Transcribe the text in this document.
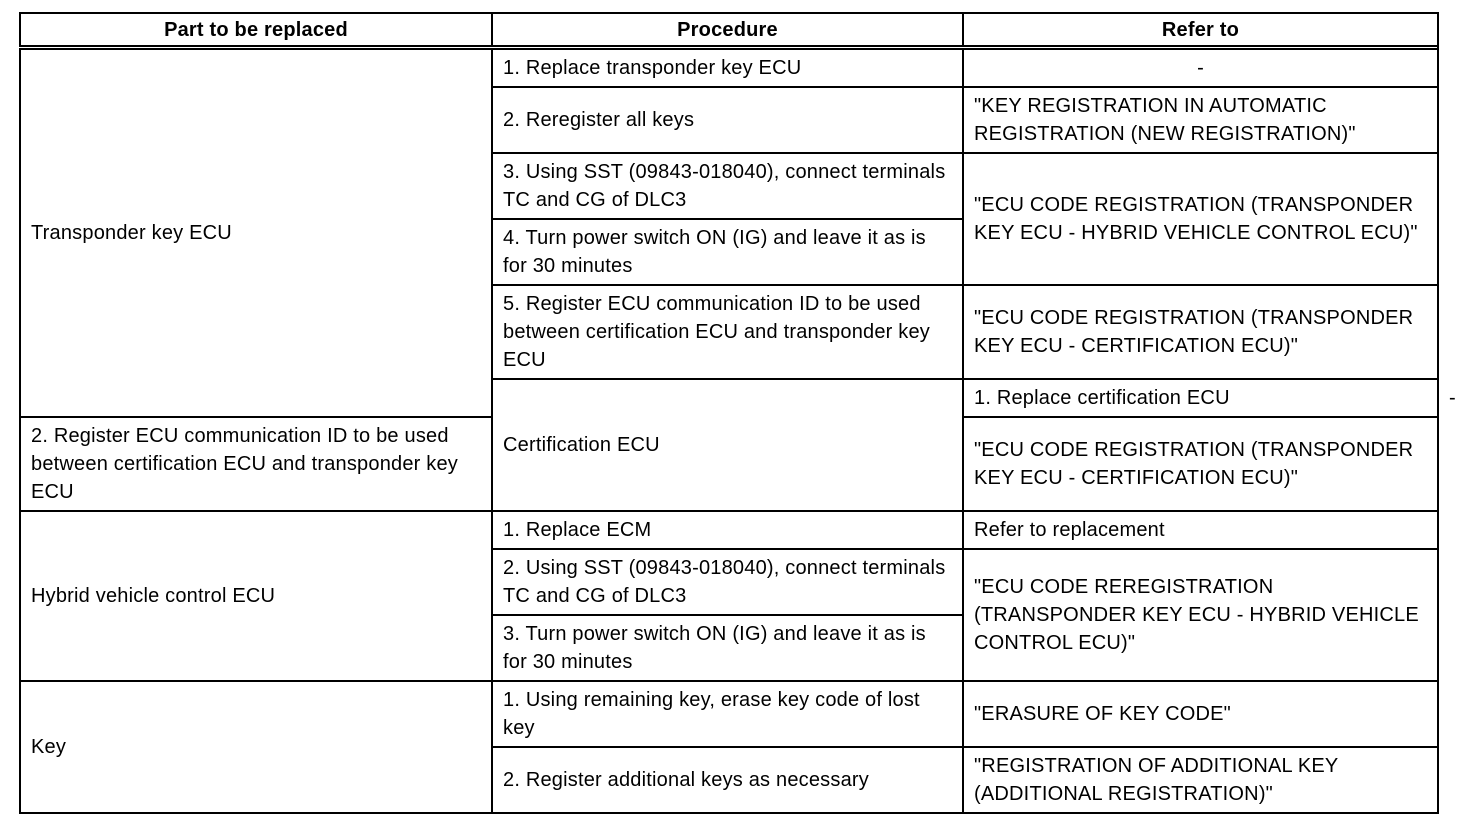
Part to be replaced	Procedure	Refer to	
Transponder key ECU	1. Replace transponder key ECU	-	
	2. Reregister all keys	"KEY REGISTRATION IN AUTOMATIC REGISTRATION (NEW REGISTRATION)"	
	3. Using SST (09843-018040), connect terminals TC and CG of DLC3	"ECU CODE REGISTRATION (TRANSPONDER KEY ECU - HYBRID VEHICLE CONTROL ECU)"	
	4. Turn power switch ON (IG) and leave it as is for 30 minutes		
	5. Register ECU communication ID to be used between certification ECU and transponder key ECU	"ECU CODE REGISTRATION (TRANSPONDER KEY ECU - CERTIFICATION ECU)"	
	Certification ECU	1. Replace certification ECU	-
2. Register ECU communication ID to be used between certification ECU and transponder key ECU		"ECU CODE REGISTRATION (TRANSPONDER KEY ECU - CERTIFICATION ECU)"	
Hybrid vehicle control ECU	1. Replace ECM	Refer to replacement	
	2. Using SST (09843-018040), connect terminals TC and CG of DLC3	"ECU CODE REREGISTRATION (TRANSPONDER KEY ECU - HYBRID VEHICLE CONTROL ECU)"	
	3. Turn power switch ON (IG) and leave it as is for 30 minutes		
Key	1. Using remaining key, erase key code of lost key	"ERASURE OF KEY CODE"	
	2. Register additional keys as necessary	"REGISTRATION OF ADDITIONAL KEY (ADDITIONAL REGISTRATION)"	
